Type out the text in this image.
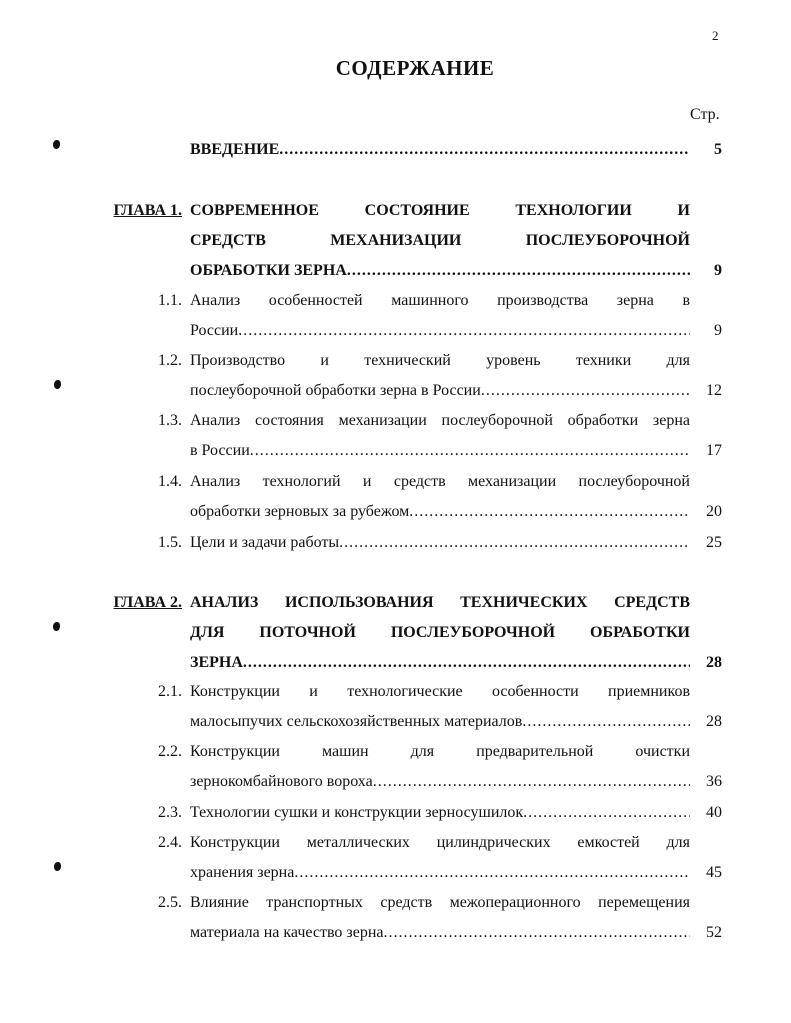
2
СОДЕРЖАНИЕ
Стр.
ВВЕДЕНИЕ .....	5
ГЛАВА 1. СОВРЕМЕННОЕ СОСТОЯНИЕ ТЕХНОЛОГИИ И
СРЕДСТВ МЕХАНИЗАЦИИ ПОСЛЕУБОРОЧНОЙ
ОБРАБОТКИ ЗЕРНА .....	9
1.1. Анализ особенностей машинного производства зерна в
России .....	9
1.2. Производство и технический уровень техники для
послеуборочной обработки зерна в России .....	12
1.3. Анализ состояния механизации послеуборочной обработки зерна
в России .....	17
1.4. Анализ технологий и средств механизации послеуборочной
обработки зерновых за рубежом .....	20
1.5. Цели и задачи работы .....	25
ГЛАВА 2. АНАЛИЗ ИСПОЛЬЗОВАНИЯ ТЕХНИЧЕСКИХ СРЕДСТВ
ДЛЯ ПОТОЧНОЙ ПОСЛЕУБОРОЧНОЙ ОБРАБОТКИ
ЗЕРНА .....	28
2.1. Конструкции и технологические особенности приемников
малосыпучих сельскохозяйственных материалов .....	28
2.2. Конструкции машин для предварительной очистки
зернокомбайнового вороха .....	36
2.3. Технологии сушки и конструкции зерносушилок .....	40
2.4. Конструкции металлических цилиндрических емкостей для
хранения зерна .....	45
2.5. Влияние транспортных средств межоперационного перемещения
материала на качество зерна .....	52
